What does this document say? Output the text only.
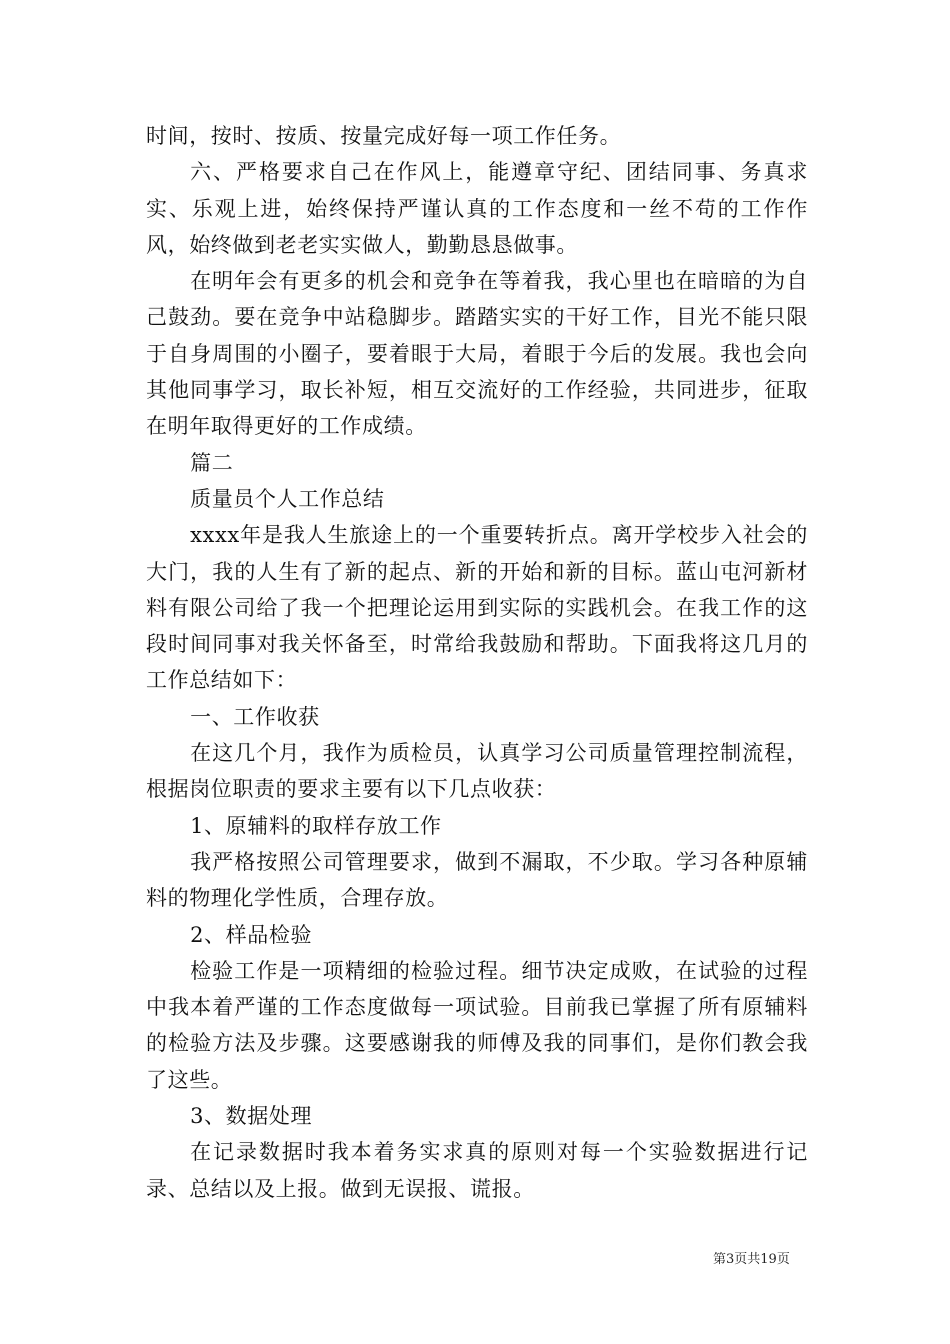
时间，按时、按质、按量完成好每一项工作任务。

六、严格要求自己在作风上，能遵章守纪、团结同事、务真求实、乐观上进，始终保持严谨认真的工作态度和一丝不苟的工作作风，始终做到老老实实做人，勤勤恳恳做事。

在明年会有更多的机会和竞争在等着我，我心里也在暗暗的为自己鼓劲。要在竞争中站稳脚步。踏踏实实的干好工作，目光不能只限于自身周围的小圈子，要着眼于大局，着眼于今后的发展。我也会向其他同事学习，取长补短，相互交流好的工作经验，共同进步，征取在明年取得更好的工作成绩。

篇二

质量员个人工作总结

xxxx年是我人生旅途上的一个重要转折点。离开学校步入社会的大门，我的人生有了新的起点、新的开始和新的目标。蓝山屯河新材料有限公司给了我一个把理论运用到实际的实践机会。在我工作的这段时间同事对我关怀备至，时常给我鼓励和帮助。下面我将这几月的工作总结如下：

一、工作收获

在这几个月，我作为质检员，认真学习公司质量管理控制流程，根据岗位职责的要求主要有以下几点收获：

1、原辅料的取样存放工作

我严格按照公司管理要求，做到不漏取，不少取。学习各种原辅料的物理化学性质，合理存放。

2、样品检验

检验工作是一项精细的检验过程。细节决定成败，在试验的过程中我本着严谨的工作态度做每一项试验。目前我已掌握了所有原辅料的检验方法及步骤。这要感谢我的师傅及我的同事们，是你们教会我了这些。

3、数据处理

在记录数据时我本着务实求真的原则对每一个实验数据进行记录、总结以及上报。做到无误报、谎报。

第3页共19页
